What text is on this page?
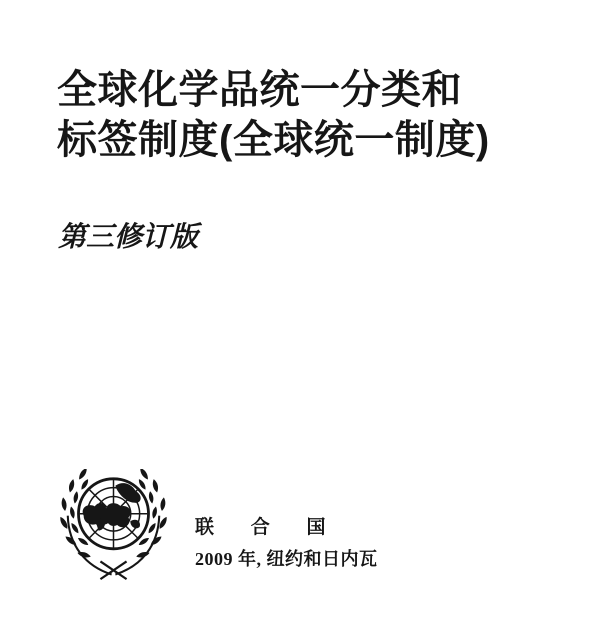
全球化学品统一分类和
标签制度(全球统一制度)
第三修订版
联 合 国
2009 年, 纽约和日内瓦
